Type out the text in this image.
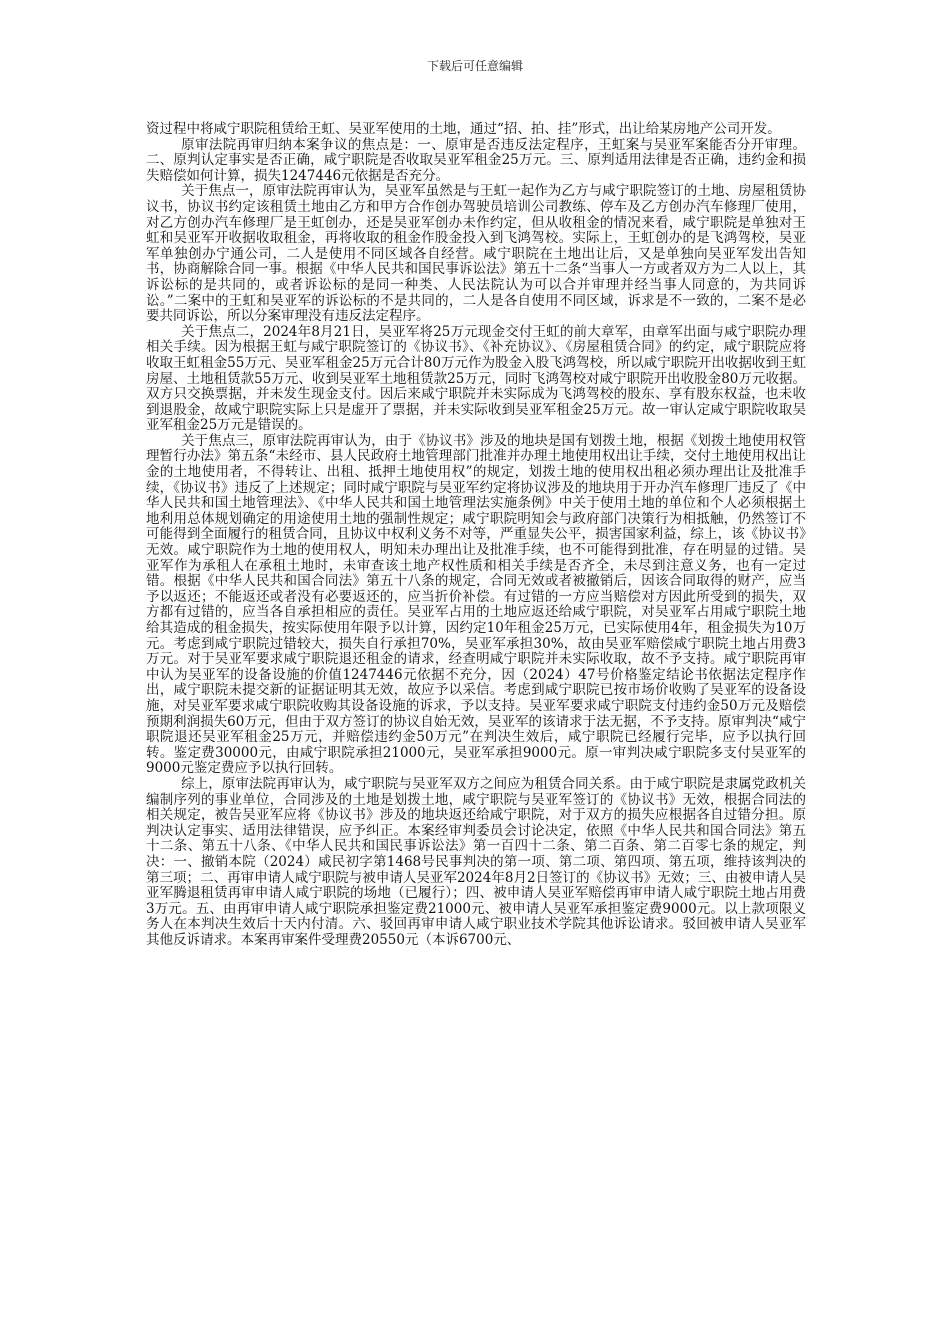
下载后可任意编辑

资过程中将咸宁职院租赁给王虹、吴亚军使用的土地，通过“招、拍、挂”形式，出让给某房地产公司开发。

原审法院再审归纳本案争议的焦点是：一、原审是否违反法定程序，王虹案与吴亚军案能否分开审理。二、原判认定事实是否正确，咸宁职院是否收取吴亚军租金25万元。三、原判适用法律是否正确，违约金和损失赔偿如何计算，损失1247446元依据是否充分。

关于焦点一，原审法院再审认为，吴亚军虽然是与王虹一起作为乙方与咸宁职院签订的土地、房屋租赁协议书，协议书约定该租赁土地由乙方和甲方合作创办驾驶员培训公司教练、停车及乙方创办汽车修理厂使用，对乙方创办汽车修理厂是王虹创办，还是吴亚军创办未作约定，但从收租金的情况来看，咸宁职院是单独对王虹和吴亚军开收据收取租金，再将收取的租金作股金投入到飞鸿驾校。实际上，王虹创办的是飞鸿驾校，吴亚军单独创办宁通公司，二人是使用不同区域各自经营。咸宁职院在土地出让后，又是单独向吴亚军发出告知书，协商解除合同一事。根据《中华人民共和国民事诉讼法》第五十二条“当事人一方或者双方为二人以上，其诉讼标的是共同的，或者诉讼标的是同一种类、人民法院认为可以合并审理并经当事人同意的，为共同诉讼。”二案中的王虹和吴亚军的诉讼标的不是共同的，二人是各自使用不同区域，诉求是不一致的，二案不是必要共同诉讼，所以分案审理没有违反法定程序。

关于焦点二，2024年8月21日，吴亚军将25万元现金交付王虹的前大章军，由章军出面与咸宁职院办理相关手续。因为根据王虹与咸宁职院签订的《协议书》、《补充协议》、《房屋租赁合同》的约定，咸宁职院应将收取王虹租金55万元、吴亚军租金25万元合计80万元作为股金入股飞鸿驾校，所以咸宁职院开出收据收到王虹房屋、土地租赁款55万元、收到吴亚军土地租赁款25万元，同时飞鸿驾校对咸宁职院开出收股金80万元收据。双方只交换票据，并未发生现金支付。因后来咸宁职院并未实际成为飞鸿驾校的股东、享有股东权益，也未收到退股金，故咸宁职院实际上只是虚开了票据，并未实际收到吴亚军租金25万元。故一审认定咸宁职院收取吴亚军租金25万元是错误的。

关于焦点三，原审法院再审认为，由于《协议书》涉及的地块是国有划拨土地，根据《划拨土地使用权管理暂行办法》第五条“未经市、县人民政府土地管理部门批准并办理土地使用权出让手续，交付土地使用权出让金的土地使用者，不得转让、出租、抵押土地使用权”的规定，划拨土地的使用权出租必须办理出让及批准手续，《协议书》违反了上述规定；同时咸宁职院与吴亚军约定将协议涉及的地块用于开办汽车修理厂违反了《中华人民共和国土地管理法》、《中华人民共和国土地管理法实施条例》中关于使用土地的单位和个人必须根据土地利用总体规划确定的用途使用土地的强制性规定；咸宁职院明知会与政府部门决策行为相抵触，仍然签订不可能得到全面履行的租赁合同，且协议中权利义务不对等，严重显失公平，损害国家利益，综上，该《协议书》无效。咸宁职院作为土地的使用权人，明知未办理出让及批准手续，也不可能得到批准，存在明显的过错。吴亚军作为承租人在承租土地时，未审查该土地产权性质和相关手续是否齐全，未尽到注意义务，也有一定过错。根据《中华人民共和国合同法》第五十八条的规定，合同无效或者被撤销后，因该合同取得的财产，应当予以返还；不能返还或者没有必要返还的，应当折价补偿。有过错的一方应当赔偿对方因此所受到的损失，双方都有过错的，应当各自承担相应的责任。吴亚军占用的土地应返还给咸宁职院，对吴亚军占用咸宁职院土地给其造成的租金损失，按实际使用年限予以计算，因约定10年租金25万元，已实际使用4年，租金损失为10万元。考虑到咸宁职院过错较大，损失自行承担70%，吴亚军承担30%，故由吴亚军赔偿咸宁职院土地占用费3万元。对于吴亚军要求咸宁职院退还租金的请求，经查明咸宁职院并未实际收取，故不予支持。咸宁职院再审中认为吴亚军的设备设施的价值1247446元依据不充分，因（2024）47号价格鉴定结论书依据法定程序作出，咸宁职院未提交新的证据证明其无效，故应予以采信。考虑到咸宁职院已按市场价收购了吴亚军的设备设施，对吴亚军要求咸宁职院收购其设备设施的诉求，予以支持。吴亚军要求咸宁职院支付违约金50万元及赔偿预期利润损失60万元，但由于双方签订的协议自始无效，吴亚军的该请求于法无据，不予支持。原审判决“咸宁职院退还吴亚军租金25万元，并赔偿违约金50万元”在判决生效后，咸宁职院已经履行完毕，应予以执行回转。鉴定费30000元，由咸宁职院承担21000元，吴亚军承担9000元。原一审判决咸宁职院多支付吴亚军的9000元鉴定费应予以执行回转。

综上，原审法院再审认为，咸宁职院与吴亚军双方之间应为租赁合同关系。由于咸宁职院是隶属党政机关编制序列的事业单位，合同涉及的土地是划拨土地，咸宁职院与吴亚军签订的《协议书》无效，根据合同法的相关规定，被告吴亚军应将《协议书》涉及的地块返还给咸宁职院，对于双方的损失应根据各自过错分担。原判决认定事实、适用法律错误，应予纠正。本案经审判委员会讨论决定，依照《中华人民共和国合同法》第五十二条、第五十八条、《中华人民共和国民事诉讼法》第一百四十二条、第二百条、第二百零七条的规定，判决：一、撤销本院（2024）咸民初字第1468号民事判决的第一项、第二项、第四项、第五项，维持该判决的第三项；二、再审申请人咸宁职院与被申请人吴亚军2024年8月2日签订的《协议书》无效；三、由被申请人吴亚军腾退租赁再审申请人咸宁职院的场地（已履行）；四、被申请人吴亚军赔偿再审申请人咸宁职院土地占用费3万元。五、由再审申请人咸宁职院承担鉴定费21000元、被申请人吴亚军承担鉴定费9000元。以上款项限义务人在本判决生效后十天内付清。六、驳回再审申请人咸宁职业技术学院其他诉讼请求。驳回被申请人吴亚军其他反诉请求。本案再审案件受理费20550元（本诉6700元、
